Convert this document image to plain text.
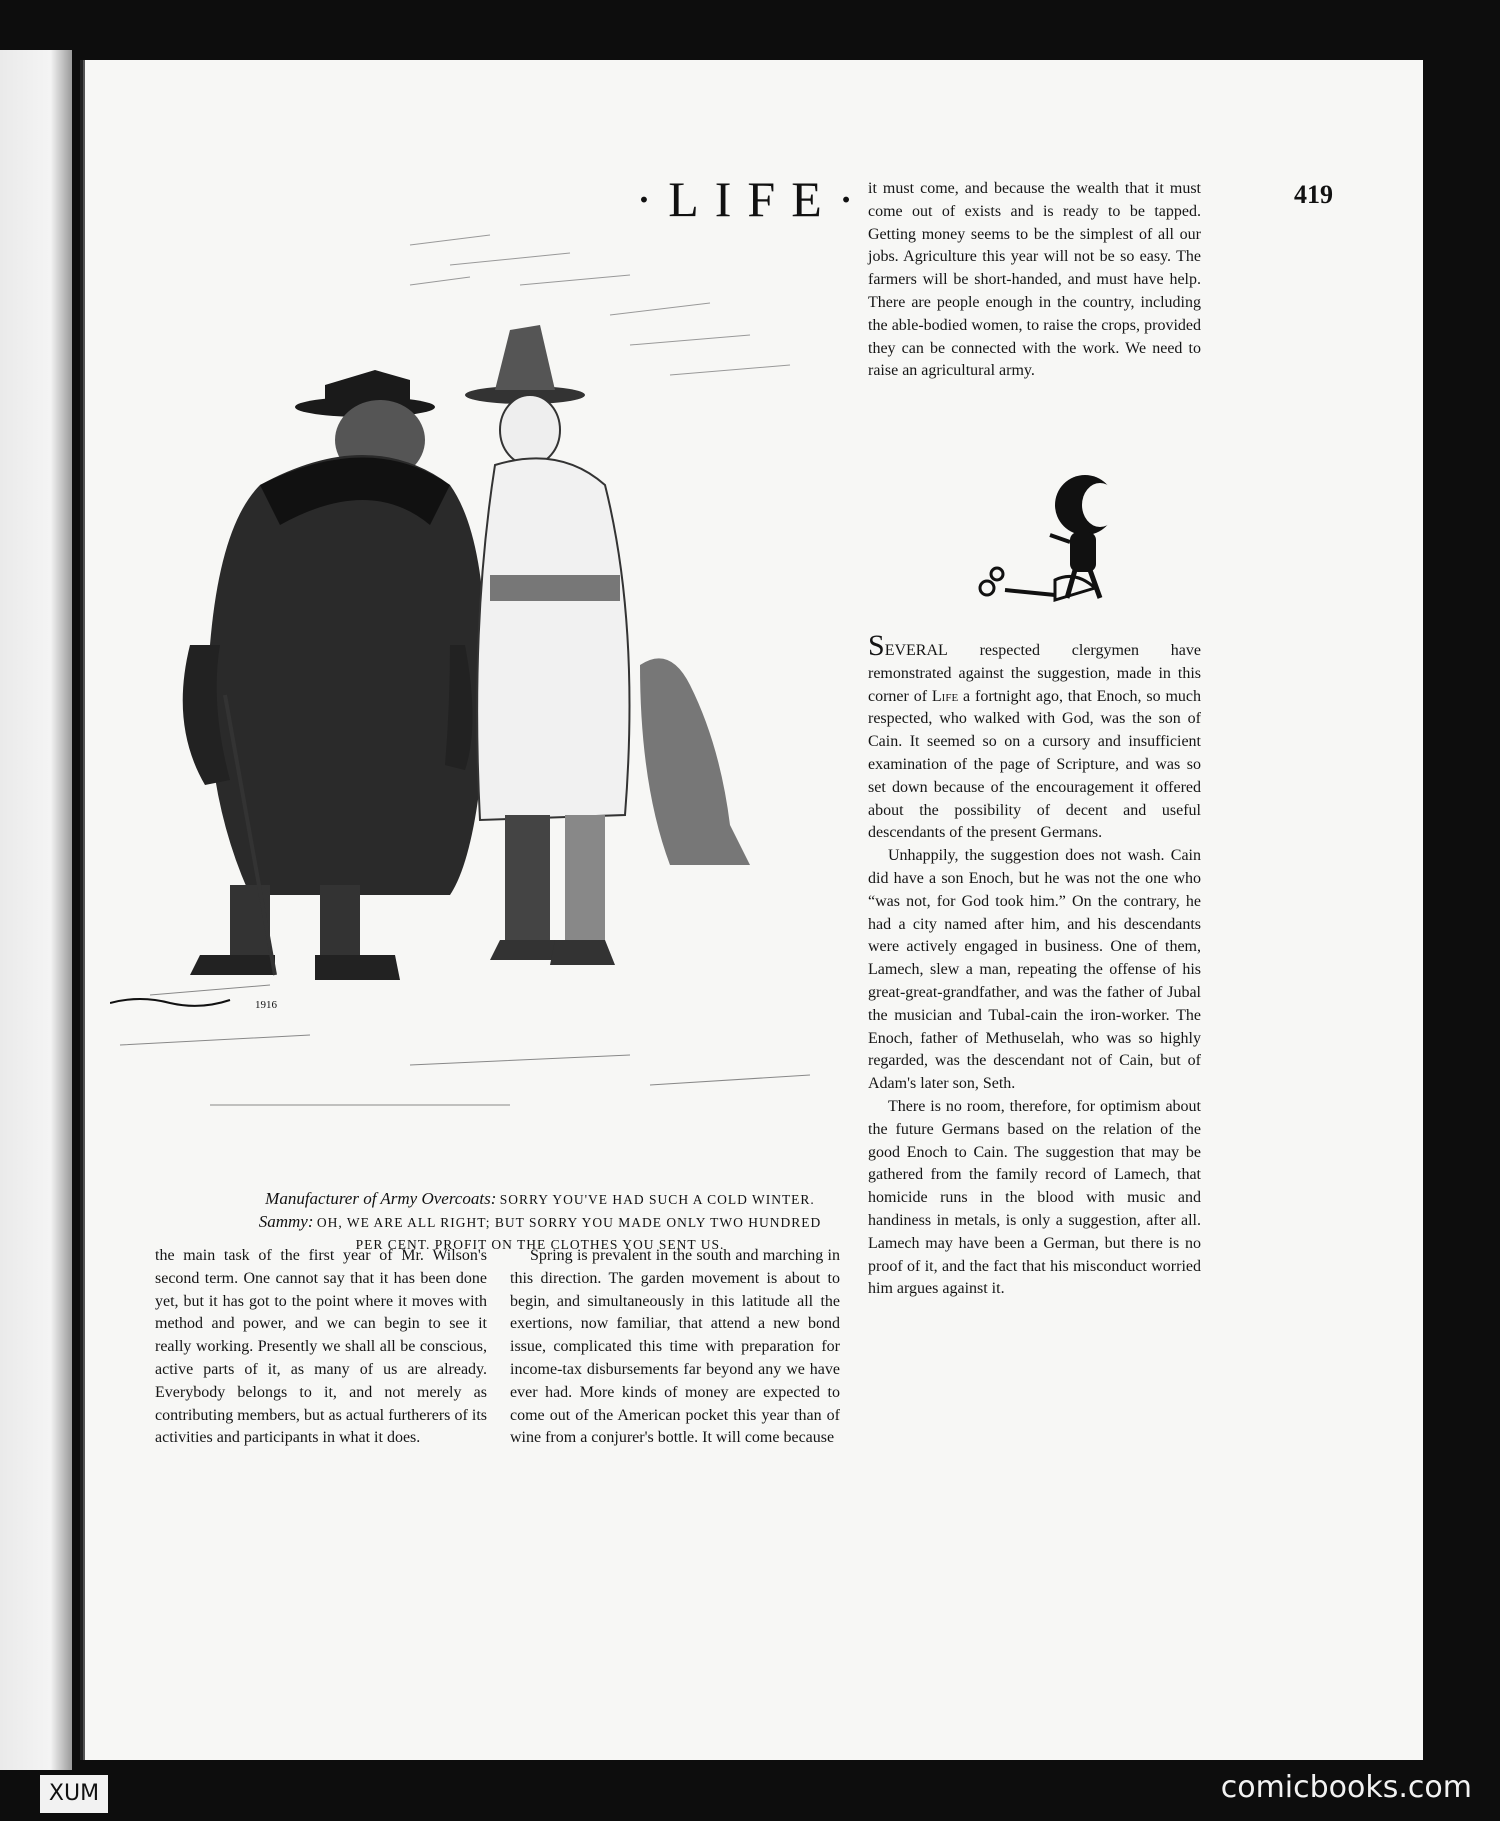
·LIFE·	419
1916
Manufacturer of Army Overcoats: SORRY YOU'VE HAD SUCH A COLD WINTER.
Sammy: OH, WE ARE ALL RIGHT; BUT SORRY YOU MADE ONLY TWO HUNDRED
PER CENT. PROFIT ON THE CLOTHES YOU SENT US.

the main task of the first year of Mr. Wilson's second term. One cannot say that it has been done yet, but it has got to the point where it moves with method and power, and we can begin to see it really working. Presently we shall all be conscious, active parts of it, as many of us are already. Everybody belongs to it, and not merely as contributing members, but as actual furtherers of its activities and participants in what it does.

Spring is prevalent in the south and marching in this direction. The garden movement is about to begin, and simultaneously in this latitude all the exertions, now familiar, that attend a new bond issue, complicated this time with preparation for income-tax disbursements far beyond any we have ever had. More kinds of money are expected to come out of the American pocket this year than of wine from a conjurer's bottle. It will come because

it must come, and because the wealth that it must come out of exists and is ready to be tapped. Getting money seems to be the simplest of all our jobs. Agriculture this year will not be so easy. The farmers will be short-handed, and must have help. There are people enough in the country, including the able-bodied women, to raise the crops, provided they can be connected with the work. We need to raise an agricultural army.

SEVERAL respected clergymen have remonstrated against the suggestion, made in this corner of Life a fortnight ago, that Enoch, so much respected, who walked with God, was the son of Cain. It seemed so on a cursory and insufficient examination of the page of Scripture, and was so set down because of the encouragement it offered about the possibility of decent and useful descendants of the present Germans.

Unhappily, the suggestion does not wash. Cain did have a son Enoch, but he was not the one who “was not, for God took him.” On the contrary, he had a city named after him, and his descendants were actively engaged in business. One of them, Lamech, slew a man, repeating the offense of his great-great-grandfather, and was the father of Jubal the musician and Tubal-cain the iron-worker. The Enoch, father of Methuselah, who was so highly regarded, was the descendant not of Cain, but of Adam's later son, Seth.

There is no room, therefore, for optimism about the future Germans based on the relation of the good Enoch to Cain. The suggestion that may be gathered from the family record of Lamech, that homicide runs in the blood with music and handiness in metals, is only a suggestion, after all. Lamech may have been a German, but there is no proof of it, and the fact that his misconduct worried him argues against it.

XUM	comicbooks.com
